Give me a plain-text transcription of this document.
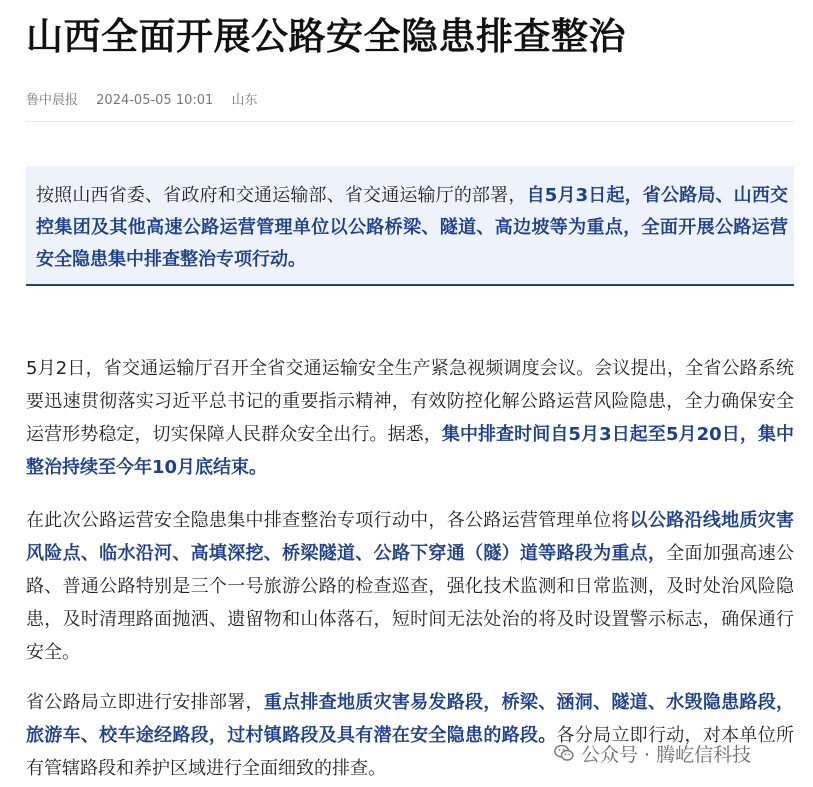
山西全面开展公路安全隐患排查整治
鲁中晨报 2024-05-05 10:01 山东
按照山西省委、省政府和交通运输部、省交通运输厅的部署，自5月3日起，省公路局、山西交控集团及其他高速公路运营管理单位以公路桥梁、隧道、高边坡等为重点，全面开展公路运营安全隐患集中排查整治专项行动。
5月2日，省交通运输厅召开全省交通运输安全生产紧急视频调度会议。会议提出，全省公路系统要迅速贯彻落实习近平总书记的重要指示精神，有效防控化解公路运营风险隐患，全力确保安全运营形势稳定，切实保障人民群众安全出行。据悉，集中排查时间自5月3日起至5月20日，集中整治持续至今年10月底结束。
在此次公路运营安全隐患集中排查整治专项行动中，各公路运营管理单位将以公路沿线地质灾害风险点、临水沿河、高填深挖、桥梁隧道、公路下穿通（隧）道等路段为重点，全面加强高速公路、普通公路特别是三个一号旅游公路的检查巡查，强化技术监测和日常监测，及时处治风险隐患，及时清理路面抛洒、遗留物和山体落石，短时间无法处治的将及时设置警示标志，确保通行安全。
省公路局立即进行安排部署，重点排查地质灾害易发路段，桥梁、涵洞、隧道、水毁隐患路段，旅游车、校车途经路段，过村镇路段及具有潜在安全隐患的路段。各分局立即行动，对本单位所有管辖路段和养护区域进行全面细致的排查。
公众号 · 腾屹信科技
